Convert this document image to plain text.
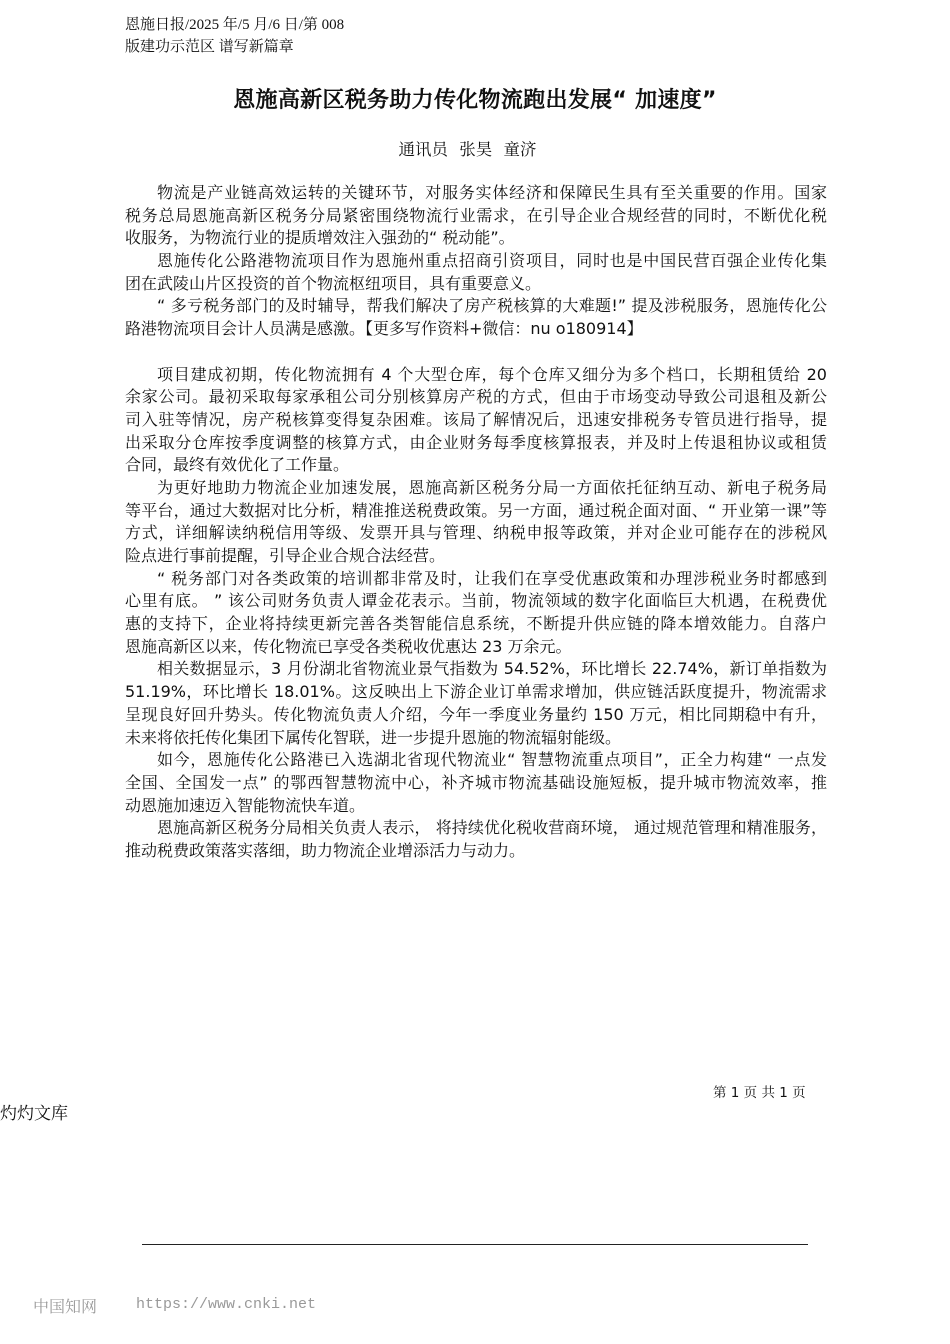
恩施日报/2025 年/5 月/6 日/第 008
版建功示范区 谱写新篇章
恩施高新区税务助力传化物流跑出发展“ 加速度”
通讯员 张昊 童济
物流是产业链高效运转的关键环节，对服务实体经济和保障民生具有至关重要的作用。国家
税务总局恩施高新区税务分局紧密围绕物流行业需求，在引导企业合规经营的同时，不断优化税
收服务，为物流行业的提质增效注入强劲的“ 税动能”。
恩施传化公路港物流项目作为恩施州重点招商引资项目，同时也是中国民营百强企业传化集
团在武陵山片区投资的首个物流枢纽项目，具有重要意义。
“ 多亏税务部门的及时辅导，帮我们解决了房产税核算的大难题!” 提及涉税服务，恩施传化公
路港物流项目会计人员满是感激。【更多写作资料+微信：nu o180914】
项目建成初期，传化物流拥有 4 个大型仓库，每个仓库又细分为多个档口，长期租赁给 20
余家公司。最初采取每家承租公司分别核算房产税的方式，但由于市场变动导致公司退租及新公
司入驻等情况，房产税核算变得复杂困难。该局了解情况后，迅速安排税务专管员进行指导，提
出采取分仓库按季度调整的核算方式，由企业财务每季度核算报表，并及时上传退租协议或租赁
合同，最终有效优化了工作量。
为更好地助力物流企业加速发展，恩施高新区税务分局一方面依托征纳互动、新电子税务局
等平台，通过大数据对比分析，精准推送税费政策。另一方面，通过税企面对面、“ 开业第一课”等
方式，详细解读纳税信用等级、发票开具与管理、纳税申报等政策，并对企业可能存在的涉税风
险点进行事前提醒，引导企业合规合法经营。
“ 税务部门对各类政策的培训都非常及时，让我们在享受优惠政策和办理涉税业务时都感到
心里有底。 ” 该公司财务负责人谭金花表示。当前，物流领域的数字化面临巨大机遇，在税费优
惠的支持下，企业将持续更新完善各类智能信息系统，不断提升供应链的降本增效能力。自落户
恩施高新区以来，传化物流已享受各类税收优惠达 23 万余元。
相关数据显示，3 月份湖北省物流业景气指数为 54.52%，环比增长 22.74%，新订单指数为
51.19%，环比增长 18.01%。这反映出上下游企业订单需求增加，供应链活跃度提升，物流需求
呈现良好回升势头。传化物流负责人介绍，今年一季度业务量约 150 万元，相比同期稳中有升，
未来将依托传化集团下属传化智联，进一步提升恩施的物流辐射能级。
如今，恩施传化公路港已入选湖北省现代物流业“ 智慧物流重点项目”，正全力构建“ 一点发
全国、全国发一点” 的鄂西智慧物流中心，补齐城市物流基础设施短板，提升城市物流效率，推
动恩施加速迈入智能物流快车道。
恩施高新区税务分局相关负责人表示， 将持续优化税收营商环境， 通过规范管理和精准服务，
推动税费政策落实落细，助力物流企业增添活力与动力。
第 1 页 共 1 页
灼灼文库
中国知网	https://www.cnki.net
